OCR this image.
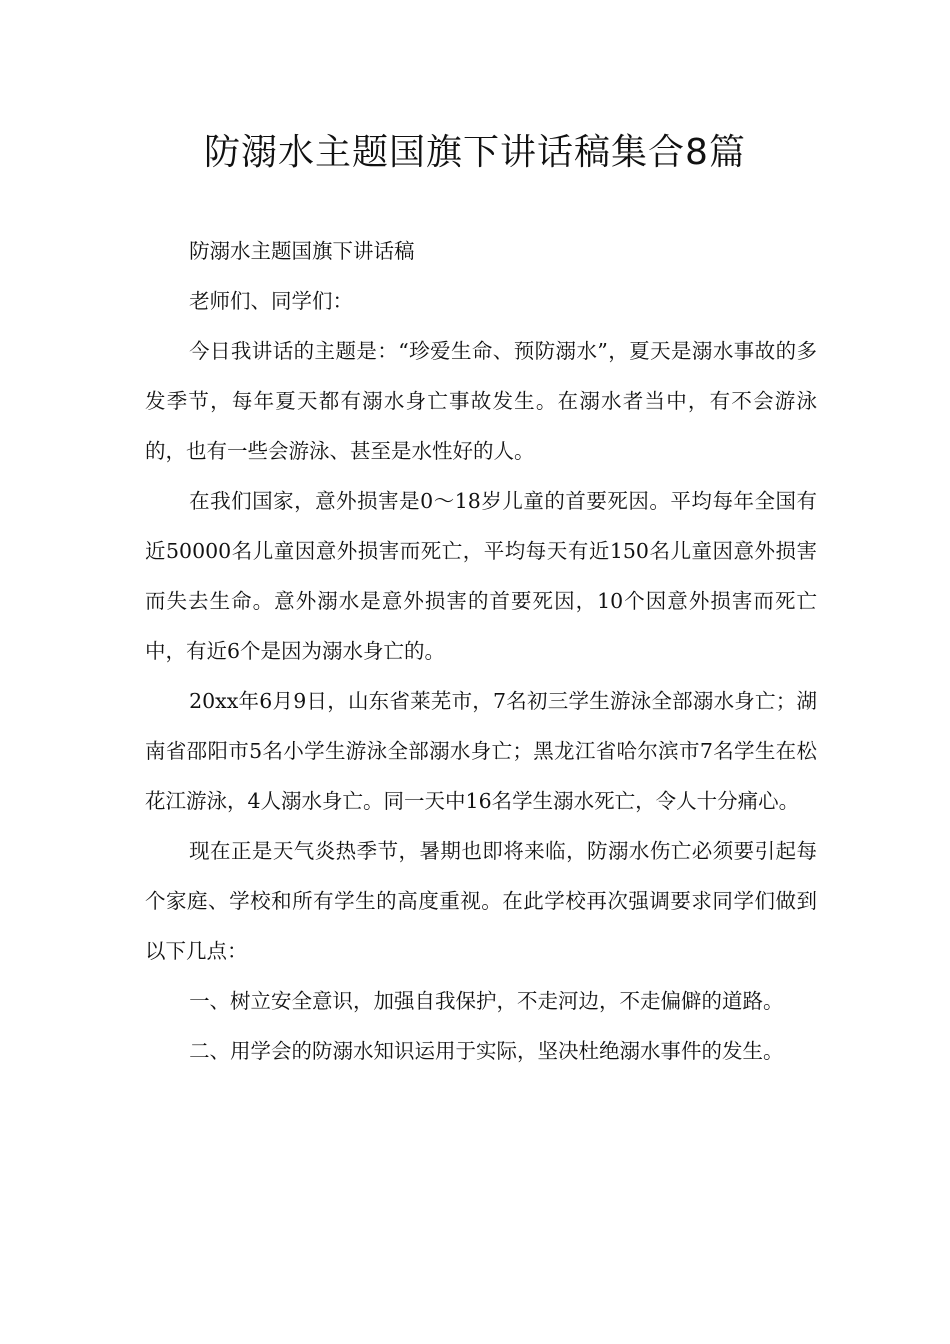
防溺水主题国旗下讲话稿集合8篇

防溺水主题国旗下讲话稿

老师们、同学们：

今日我讲话的主题是：“珍爱生命、预防溺水”，夏天是溺水事故的多发季节，每年夏天都有溺水身亡事故发生。在溺水者当中，有不会游泳的，也有一些会游泳、甚至是水性好的人。

在我们国家，意外损害是0～18岁儿童的首要死因。平均每年全国有近50000名儿童因意外损害而死亡，平均每天有近150名儿童因意外损害而失去生命。意外溺水是意外损害的首要死因，10个因意外损害而死亡中，有近6个是因为溺水身亡的。

20xx年6月9日，山东省莱芜市，7名初三学生游泳全部溺水身亡；湖南省邵阳市5名小学生游泳全部溺水身亡；黑龙江省哈尔滨市7名学生在松花江游泳，4人溺水身亡。同一天中16名学生溺水死亡，令人十分痛心。

现在正是天气炎热季节，暑期也即将来临，防溺水伤亡必须要引起每个家庭、学校和所有学生的高度重视。在此学校再次强调要求同学们做到以下几点：

一、树立安全意识，加强自我保护，不走河边，不走偏僻的道路。

二、用学会的防溺水知识运用于实际，坚决杜绝溺水事件的发生。
